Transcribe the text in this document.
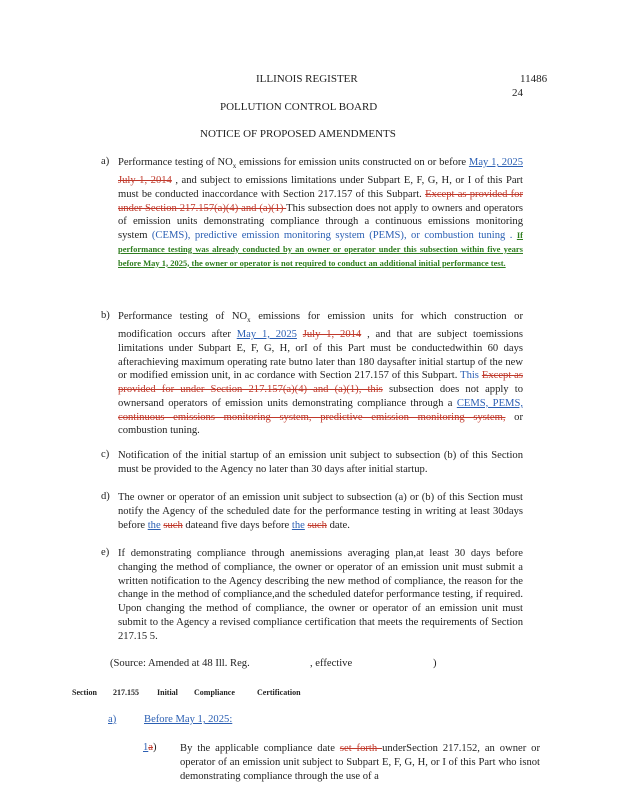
ILLINOIS REGISTER	11486
24
POLLUTION CONTROL BOARD
NOTICE OF PROPOSED AMENDMENTS
a) Performance testing of $NO_x$ emissions for emission units constructed on or before May 1, 2025 July 1, 2014 , and subject to emissions limitations under Subpart E, F, G, H, or I of this Part must be conducted inaccordance with Section 217.157 of this Subpart. Except as provided for under Section 217.157(a)(4) and (a)(1) This subsection does not apply to owners and operators of emission units demonstrating compliance through a continuous emissions monitoring system (CEMS), predictive emission monitoring system (PEMS), or combustion tuning . If performance testing was already conducted by an owner or operator under this subsection within five years before May 1, 2025, the owner or operator is not required to conduct an additional initial performance test.
b) Performance testing of $NO_x$ emissions for emission units for which construction or modification occurs after May 1, 2025 July 1, 2014 , and that are subject toemissions limitations under Subpart E, F, G, H, orI of this Part must be conductedwithin 60 days afterachieving maximum operating rate butno later than 180 daysafter initial startup of the new or modified emission unit, in ac cordance with Section 217.157 of this Subpart. This Except as provided for under Section 217.157(a)(4) and (a)(1), this subsection does not apply to ownersand operators of emission units demonstrating compliance through a CEMS, PEMS, continuous emissions monitoring system, predictive emission monitoring system, or combustion tuning.
c) Notification of the initial startup of an emission unit subject to subsection (b) of this Section must be provided to the Agency no later than 30 days after initial startup.
d) The owner or operator of an emission unit subject to subsection (a) or (b) of this Section must notify the Agency of the scheduled date for the performance testing in writing at least 30days before the such dateand five days before the such date.
e) If demonstrating compliance through anemissions averaging plan,at least 30 days before changing the method of compliance, the owner or operator of an emission unit must submit a written notification to the Agency describing the new method of compliance, the reason for the change in the method of compliance,and the scheduled datefor performance testing, if required. Upon changing the method of compliance, the owner or operator of an emission unit must submit to the Agency a revised compliance certification that meets the requirements of Section 217.15 5.
(Source: Amended at 48 Ill. Reg.	, effective	)
Section 217.155 Initial Compliance	Certification
a)	Before May 1, 2025:
1a) By the applicable compliance date set forth underSection 217.152, an owner or operator of an emission unit subject to Subpart E, F, G, H, or I of this Part who isnot demonstrating compliance through the use of a
